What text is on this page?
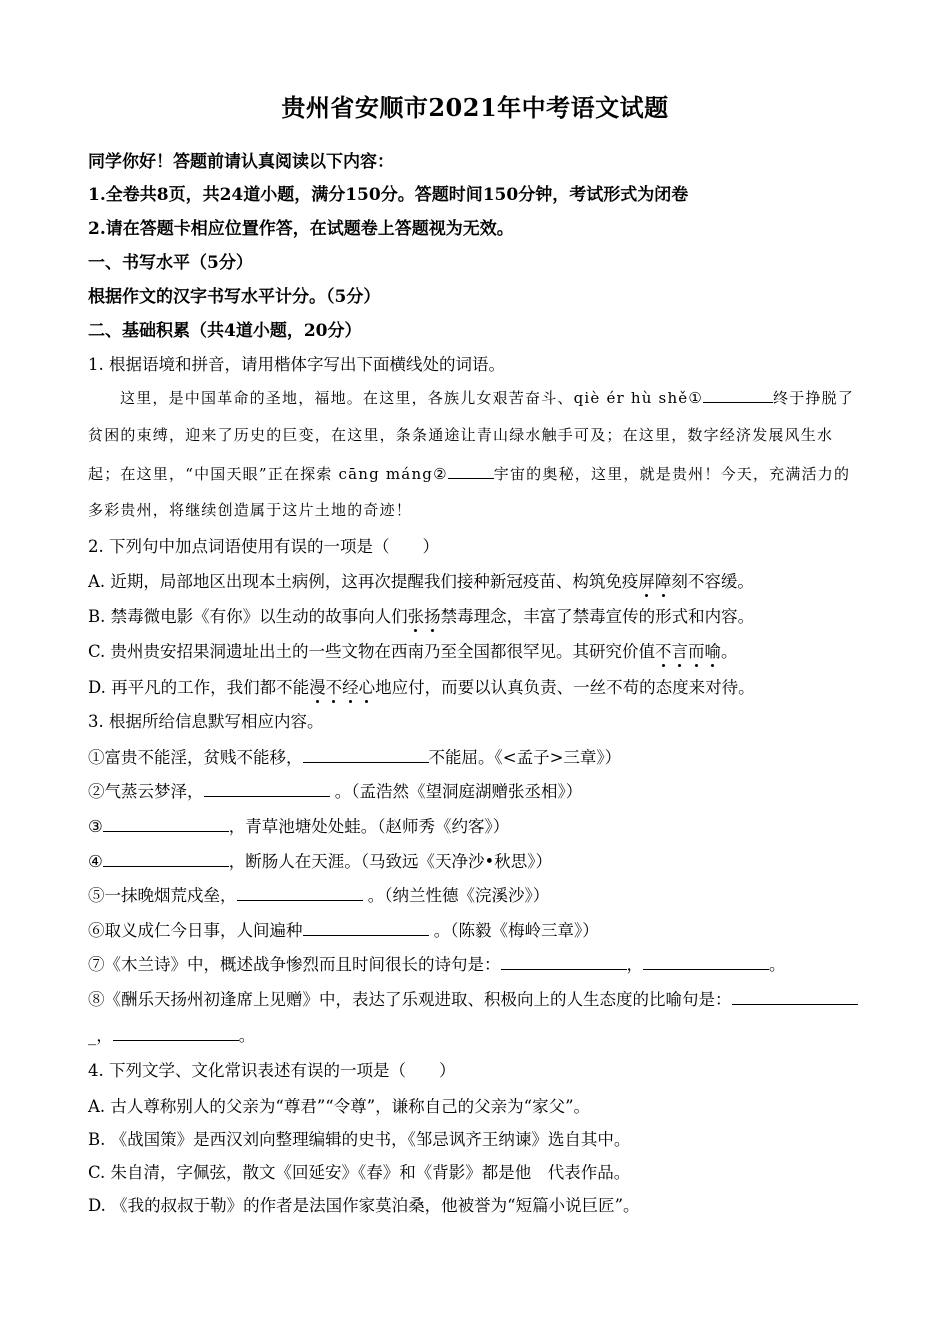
贵州省安顺市2021年中考语文试题
同学你好！答题前请认真阅读以下内容：
1.全卷共8页，共24道小题，满分150分。答题时间150分钟，考试形式为闭卷
2.请在答题卡相应位置作答，在试题卷上答题视为无效。
一、书写水平（5分）
根据作文的汉字书写水平计分。（5分）
二、基础积累（共4道小题，20分）
1. 根据语境和拼音，请用楷体字写出下面横线处的词语。
这里，是中国革命的圣地，福地。在这里，各族儿女艰苦奋斗、qiè ér hù shě①	终于挣脱了
贫困的束缚，迎来了历史的巨变，在这里，条条通途让青山绿水触手可及；在这里，数字经济发展风生水
起；在这里，“中国天眼”正在探索 cāng máng②	宇宙的奥秘，这里，就是贵州！今天，充满活力的
多彩贵州，将继续创造属于这片土地的奇迹！
2. 下列句中加点词语使用有误的一项是（　　）
A. 近期，局部地区出现本土病例，这再次提醒我们接种新冠疫苗、构筑免疫屏障刻不容缓。
B. 禁毒微电影《有你》以生动的故事向人们张扬禁毒理念，丰富了禁毒宣传的形式和内容。
C. 贵州贵安招果洞遗址出土的一些文物在西南乃至全国都很罕见。其研究价值不言而喻。
D. 再平凡的工作，我们都不能漫不经心地应付，而要以认真负责、一丝不苟的态度来对待。
3. 根据所给信息默写相应内容。
①富贵不能淫，贫贱不能移，	不能屈。《<孟子>三章》）
②气蒸云梦泽，	。（孟浩然《望洞庭湖赠张丞相》）
③	，青草池塘处处蛙。（赵师秀《约客》）
④	，断肠人在天涯。（马致远《天净沙•秋思》）
⑤一抹晚烟荒戍垒，	。（纳兰性德《浣溪沙》）
⑥取义成仁今日事，人间遍种	。（陈毅《梅岭三章》）
⑦《木兰诗》中，概述战争惨烈而且时间很长的诗句是：	，	。
⑧《酬乐天扬州初逢席上见赠》中，表达了乐观进取、积极向上的人生态度的比喻句是：
_，	。
4. 下列文学、文化常识表述有误的一项是（　　）
A. 古人尊称别人的父亲为“尊君”“令尊”，谦称自己的父亲为“家父”。
B. 《战国策》是西汉刘向整理编辑的史书，《邹忌讽齐王纳谏》选自其中。
C. 朱自清，字佩弦，散文《回延安》《春》和《背影》都是他　代表作品。
D. 《我的叔叔于勒》的作者是法国作家莫泊桑，他被誉为“短篇小说巨匠”。
